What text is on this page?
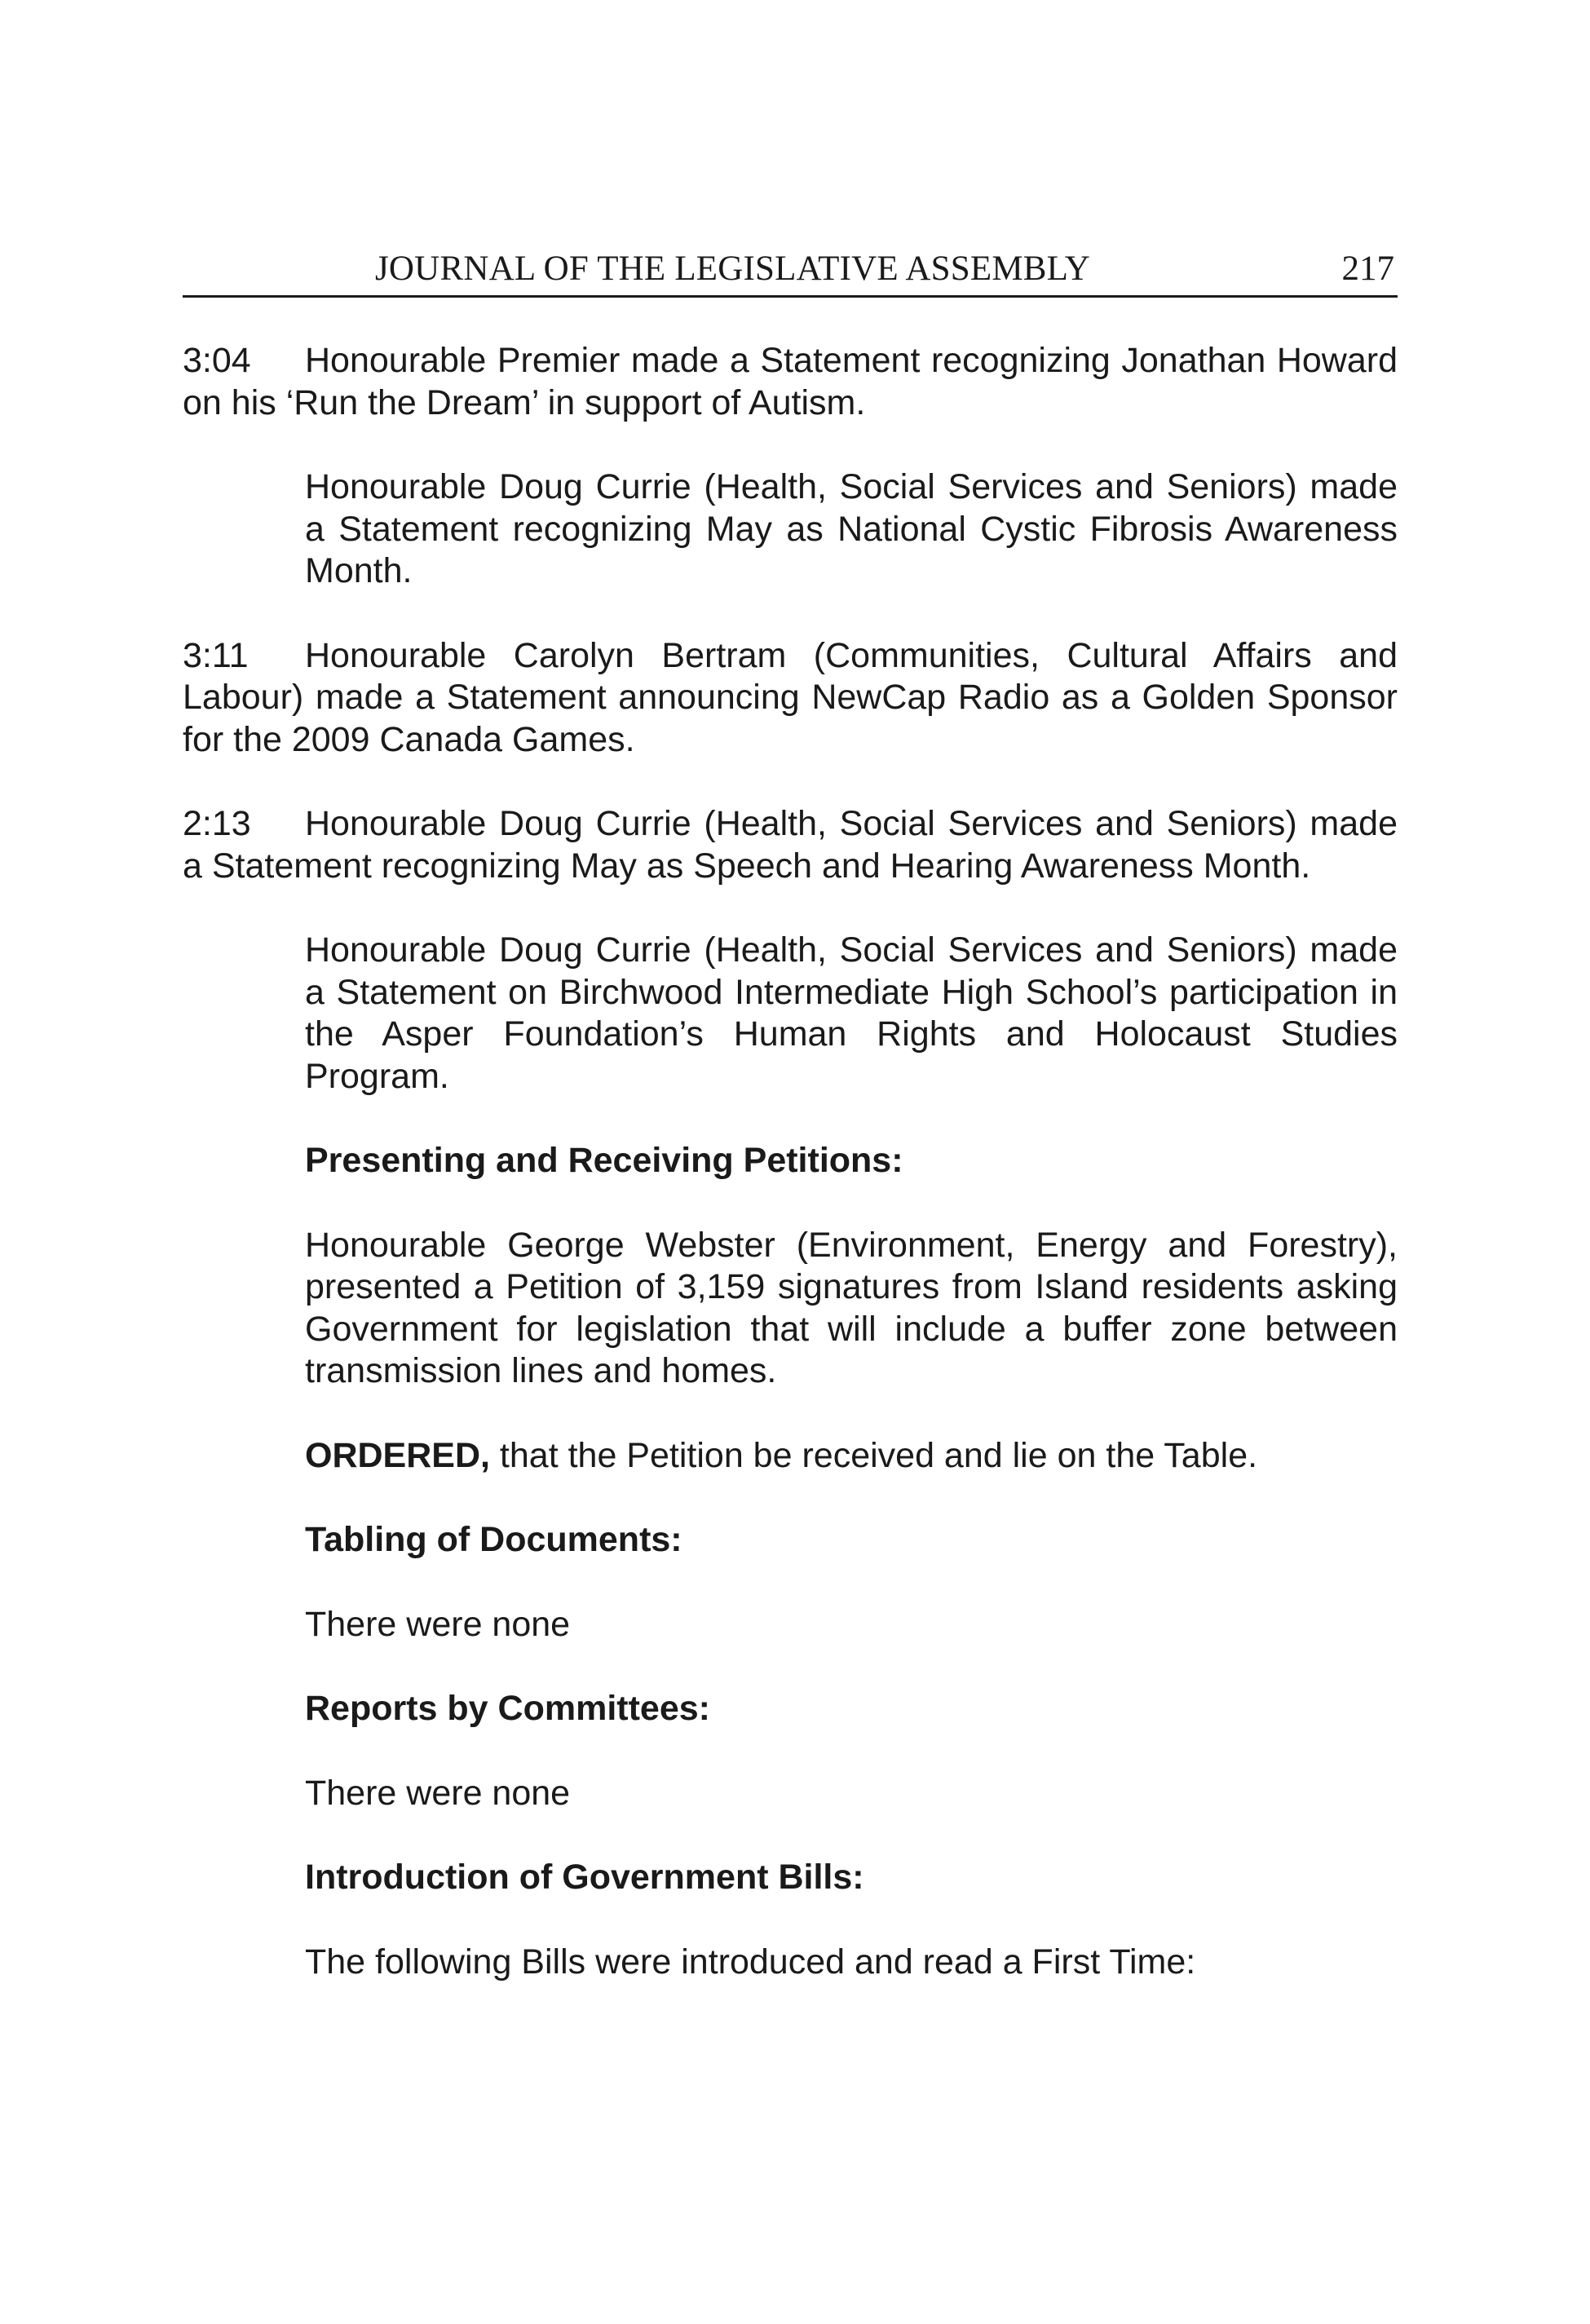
JOURNAL OF THE LEGISLATIVE ASSEMBLY	217

3:04 Honourable Premier made a Statement recognizing Jonathan Howard on his ‘Run the Dream’ in support of Autism.

Honourable Doug Currie (Health, Social Services and Seniors) made a Statement recognizing May as National Cystic Fibrosis Awareness Month.

3:11 Honourable Carolyn Bertram (Communities, Cultural Affairs and Labour) made a Statement announcing NewCap Radio as a Golden Sponsor for the 2009 Canada Games.

2:13 Honourable Doug Currie (Health, Social Services and Seniors) made a Statement recognizing May as Speech and Hearing Awareness Month.

Honourable Doug Currie (Health, Social Services and Seniors) made a Statement on Birchwood Intermediate High School’s participation in the Asper Foundation’s Human Rights and Holocaust Studies Program.

Presenting and Receiving Petitions:

Honourable George Webster (Environment, Energy and Forestry), presented a Petition of 3,159 signatures from Island residents asking Government for legislation that will include a buffer zone between transmission lines and homes.

ORDERED, that the Petition be received and lie on the Table.

Tabling of Documents:

There were none

Reports by Committees:

There were none

Introduction of Government Bills:

The following Bills were introduced and read a First Time:
